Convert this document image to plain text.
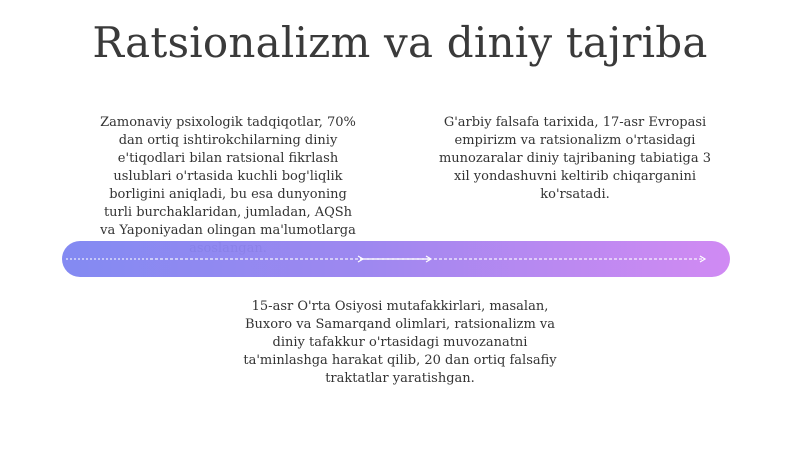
Ratsionalizm va diniy tajriba
Zamonaviy psixologik tadqiqotlar, 70%
dan ortiq ishtirokchilarning diniy
e'tiqodlari bilan ratsional fikrlash
uslublari o'rtasida kuchli bog'liqlik
borligini aniqladi, bu esa dunyoning
turli burchaklaridan, jumladan, AQSh
va Yaponiyadan olingan ma'lumotlarga

G'arbiy falsafa tarixida, 17-asr Evropasi
empirizm va ratsionalizm o'rtasidagi
munozaralar diniy tajribaning tabiatiga 3
xil yondashuvni keltirib chiqarganini
ko'rsatadi.
15-asr O'rta Osiyosi mutafakkirlari, masalan,
Buxoro va Samarqand olimlari, ratsionalizm va
diniy tafakkur o'rtasidagi muvozanatni
ta'minlashga harakat qilib, 20 dan ortiq falsafiy
traktatlar yaratishgan.
